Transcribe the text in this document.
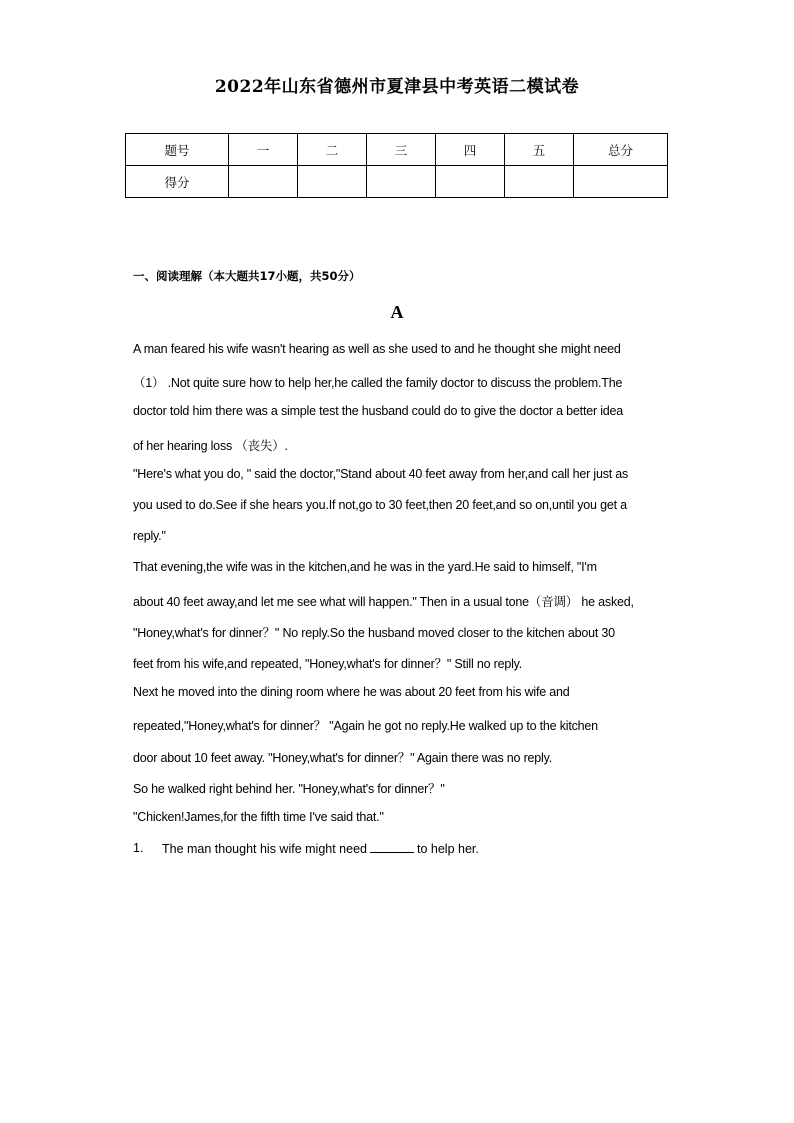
2022年山东省德州市夏津县中考英语二模试卷
题号	一	二	三	四	五	总分
得分						
一、阅读理解（本大题共17小题，共50分）
A
A man feared his wife wasn't hearing as well as she used to and he thought she might need
（1） .Not quite sure how to help her,he called the family doctor to discuss the problem.The
doctor told him there was a simple test the husband could do to give the doctor a better idea
of her hearing loss （丧失）.
"Here's what you do, " said the doctor,"Stand about 40 feet away from her,and call her just as
you used to do.See if she hears you.If not,go to 30 feet,then 20 feet,and so on,until you get a
reply."
That evening,the wife was in the kitchen,and he was in the yard.He said to himself, "I'm
about 40 feet away,and let me see what will happen." Then in a usual tone（音调） he asked,
"Honey,what's for dinner？" No reply.So the husband moved closer to the kitchen about 30
feet from his wife,and repeated, "Honey,what's for dinner？" Still no reply.
Next he moved into the dining room where he was about 20 feet from his wife and
repeated,"Honey,what's for dinner？ "Again he got no reply.He walked up to the kitchen
door about 10 feet away. "Honey,what's for dinner？" Again there was no reply.
So he walked right behind her. "Honey,what's for dinner？"
"Chicken!James,for the fifth time I've said that."
1. The man thought his wife might need	to help her.
